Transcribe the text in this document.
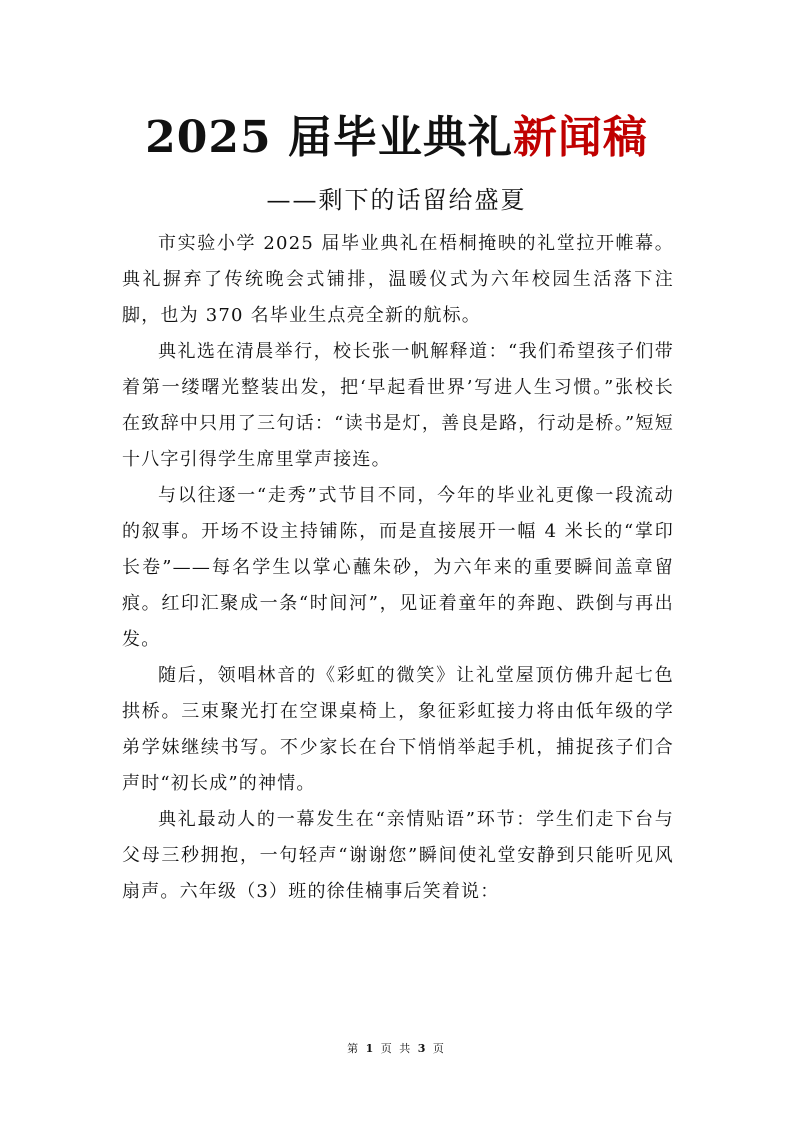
2025 届毕业典礼新闻稿
——剩下的话留给盛夏

市实验小学 2025 届毕业典礼在梧桐掩映的礼堂拉开帷幕。典礼摒弃了传统晚会式铺排，温暖仪式为六年校园生活落下注脚，也为 370 名毕业生点亮全新的航标。

典礼选在清晨举行，校长张一帆解释道：“我们希望孩子们带着第一缕曙光整装出发，把‘早起看世界’写进人生习惯。”张校长在致辞中只用了三句话：“读书是灯，善良是路，行动是桥。”短短十八字引得学生席里掌声接连。

与以往逐一“走秀”式节目不同，今年的毕业礼更像一段流动的叙事。开场不设主持铺陈，而是直接展开一幅 4 米长的“掌印长卷”——每名学生以掌心蘸朱砂，为六年来的重要瞬间盖章留痕。红印汇聚成一条“时间河”，见证着童年的奔跑、跌倒与再出发。

随后，领唱林音的《彩虹的微笑》让礼堂屋顶仿佛升起七色拱桥。三束聚光打在空课桌椅上，象征彩虹接力将由低年级的学弟学妹继续书写。不少家长在台下悄悄举起手机，捕捉孩子们合声时“初长成”的神情。

典礼最动人的一幕发生在“亲情贴语”环节：学生们走下台与父母三秒拥抱，一句轻声“谢谢您”瞬间使礼堂安静到只能听见风扇声。六年级（3）班的徐佳楠事后笑着说：

第 1 页 共 3 页
